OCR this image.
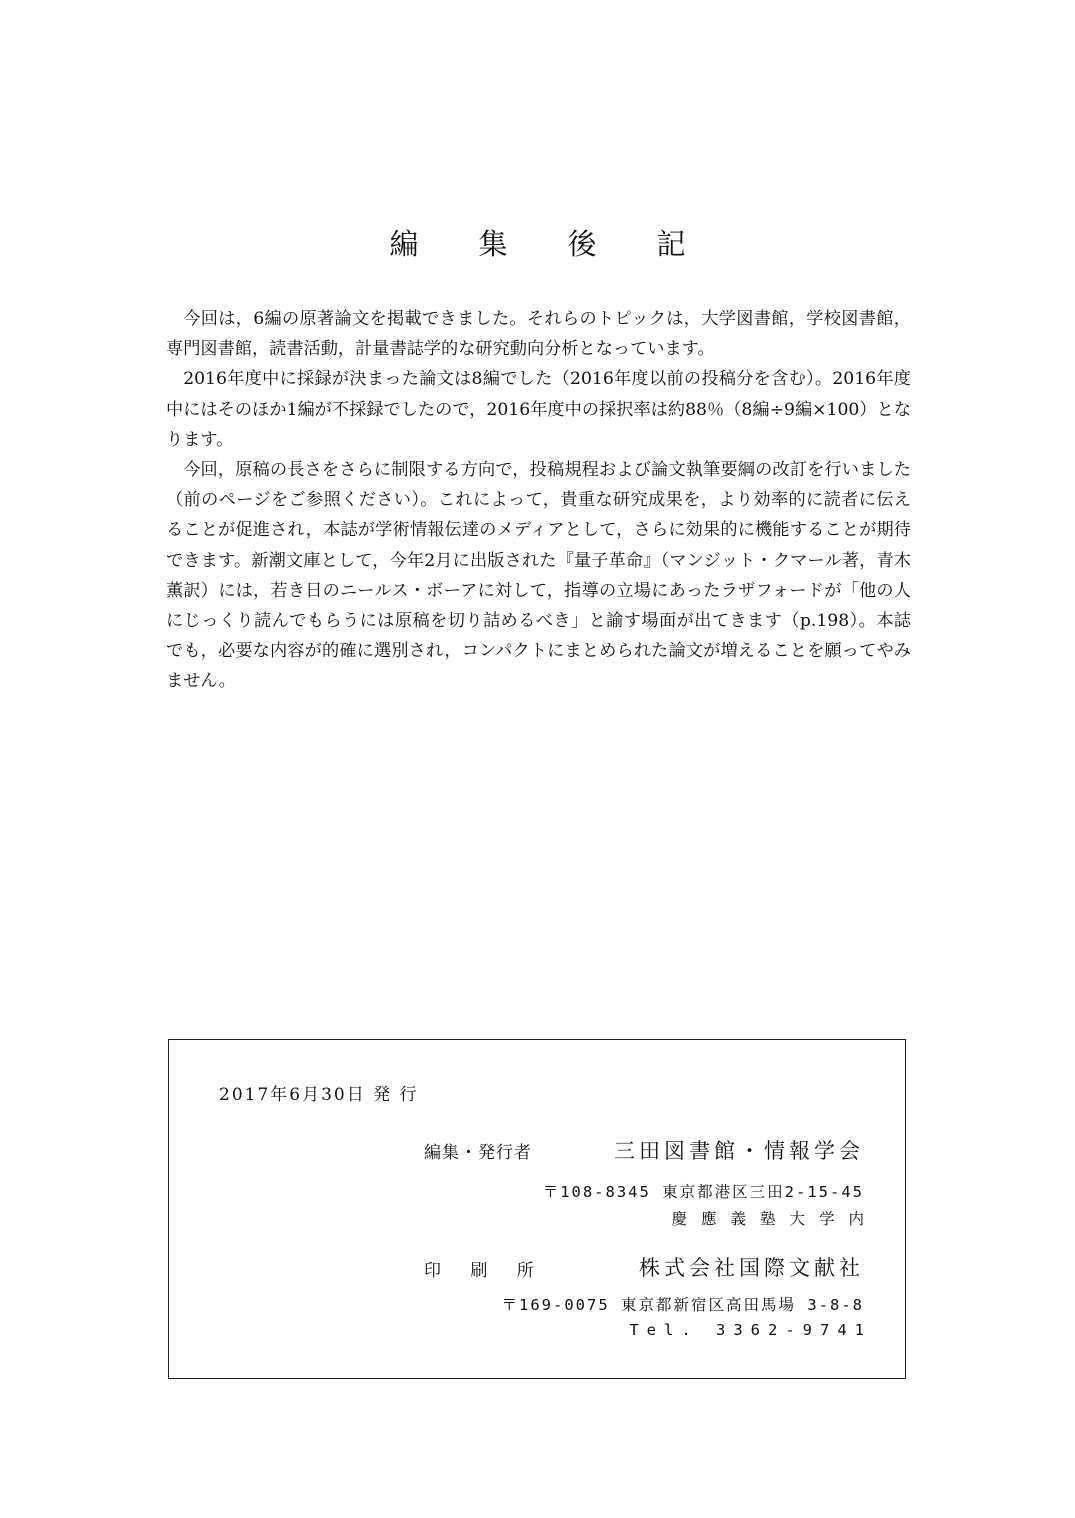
編集後記

今回は，6編の原著論文を掲載できました。それらのトピックは，大学図書館，学校図書館，専門図書館，読書活動，計量書誌学的な研究動向分析となっています。

2016年度中に採録が決まった論文は8編でした（2016年度以前の投稿分を含む）。2016年度中にはそのほか1編が不採録でしたので，2016年度中の採択率は約88％（8編÷9編×100）となります。

今回，原稿の長さをさらに制限する方向で，投稿規程および論文執筆要綱の改訂を行いました（前のページをご参照ください）。これによって，貴重な研究成果を，より効率的に読者に伝えることが促進され，本誌が学術情報伝達のメディアとして，さらに効果的に機能することが期待できます。新潮文庫として，今年2月に出版された『量子革命』（マンジット・クマール著，青木薫訳）には，若き日のニールス・ボーアに対して，指導の立場にあったラザフォードが「他の人にじっくり読んでもらうには原稿を切り詰めるべき」と諭す場面が出てきます（p.198）。本誌でも，必要な内容が的確に選別され，コンパクトにまとめられた論文が増えることを願ってやみません。

2017年6月30日 発 行
編集・発行者	三田図書館・情報学会
〒108-8345 東京都港区三田2-15-45
慶應義塾大学内
印 刷 所	株式会社国際文献社
〒169-0075 東京都新宿区高田馬場 3-8-8
Tel. 3362-9741
